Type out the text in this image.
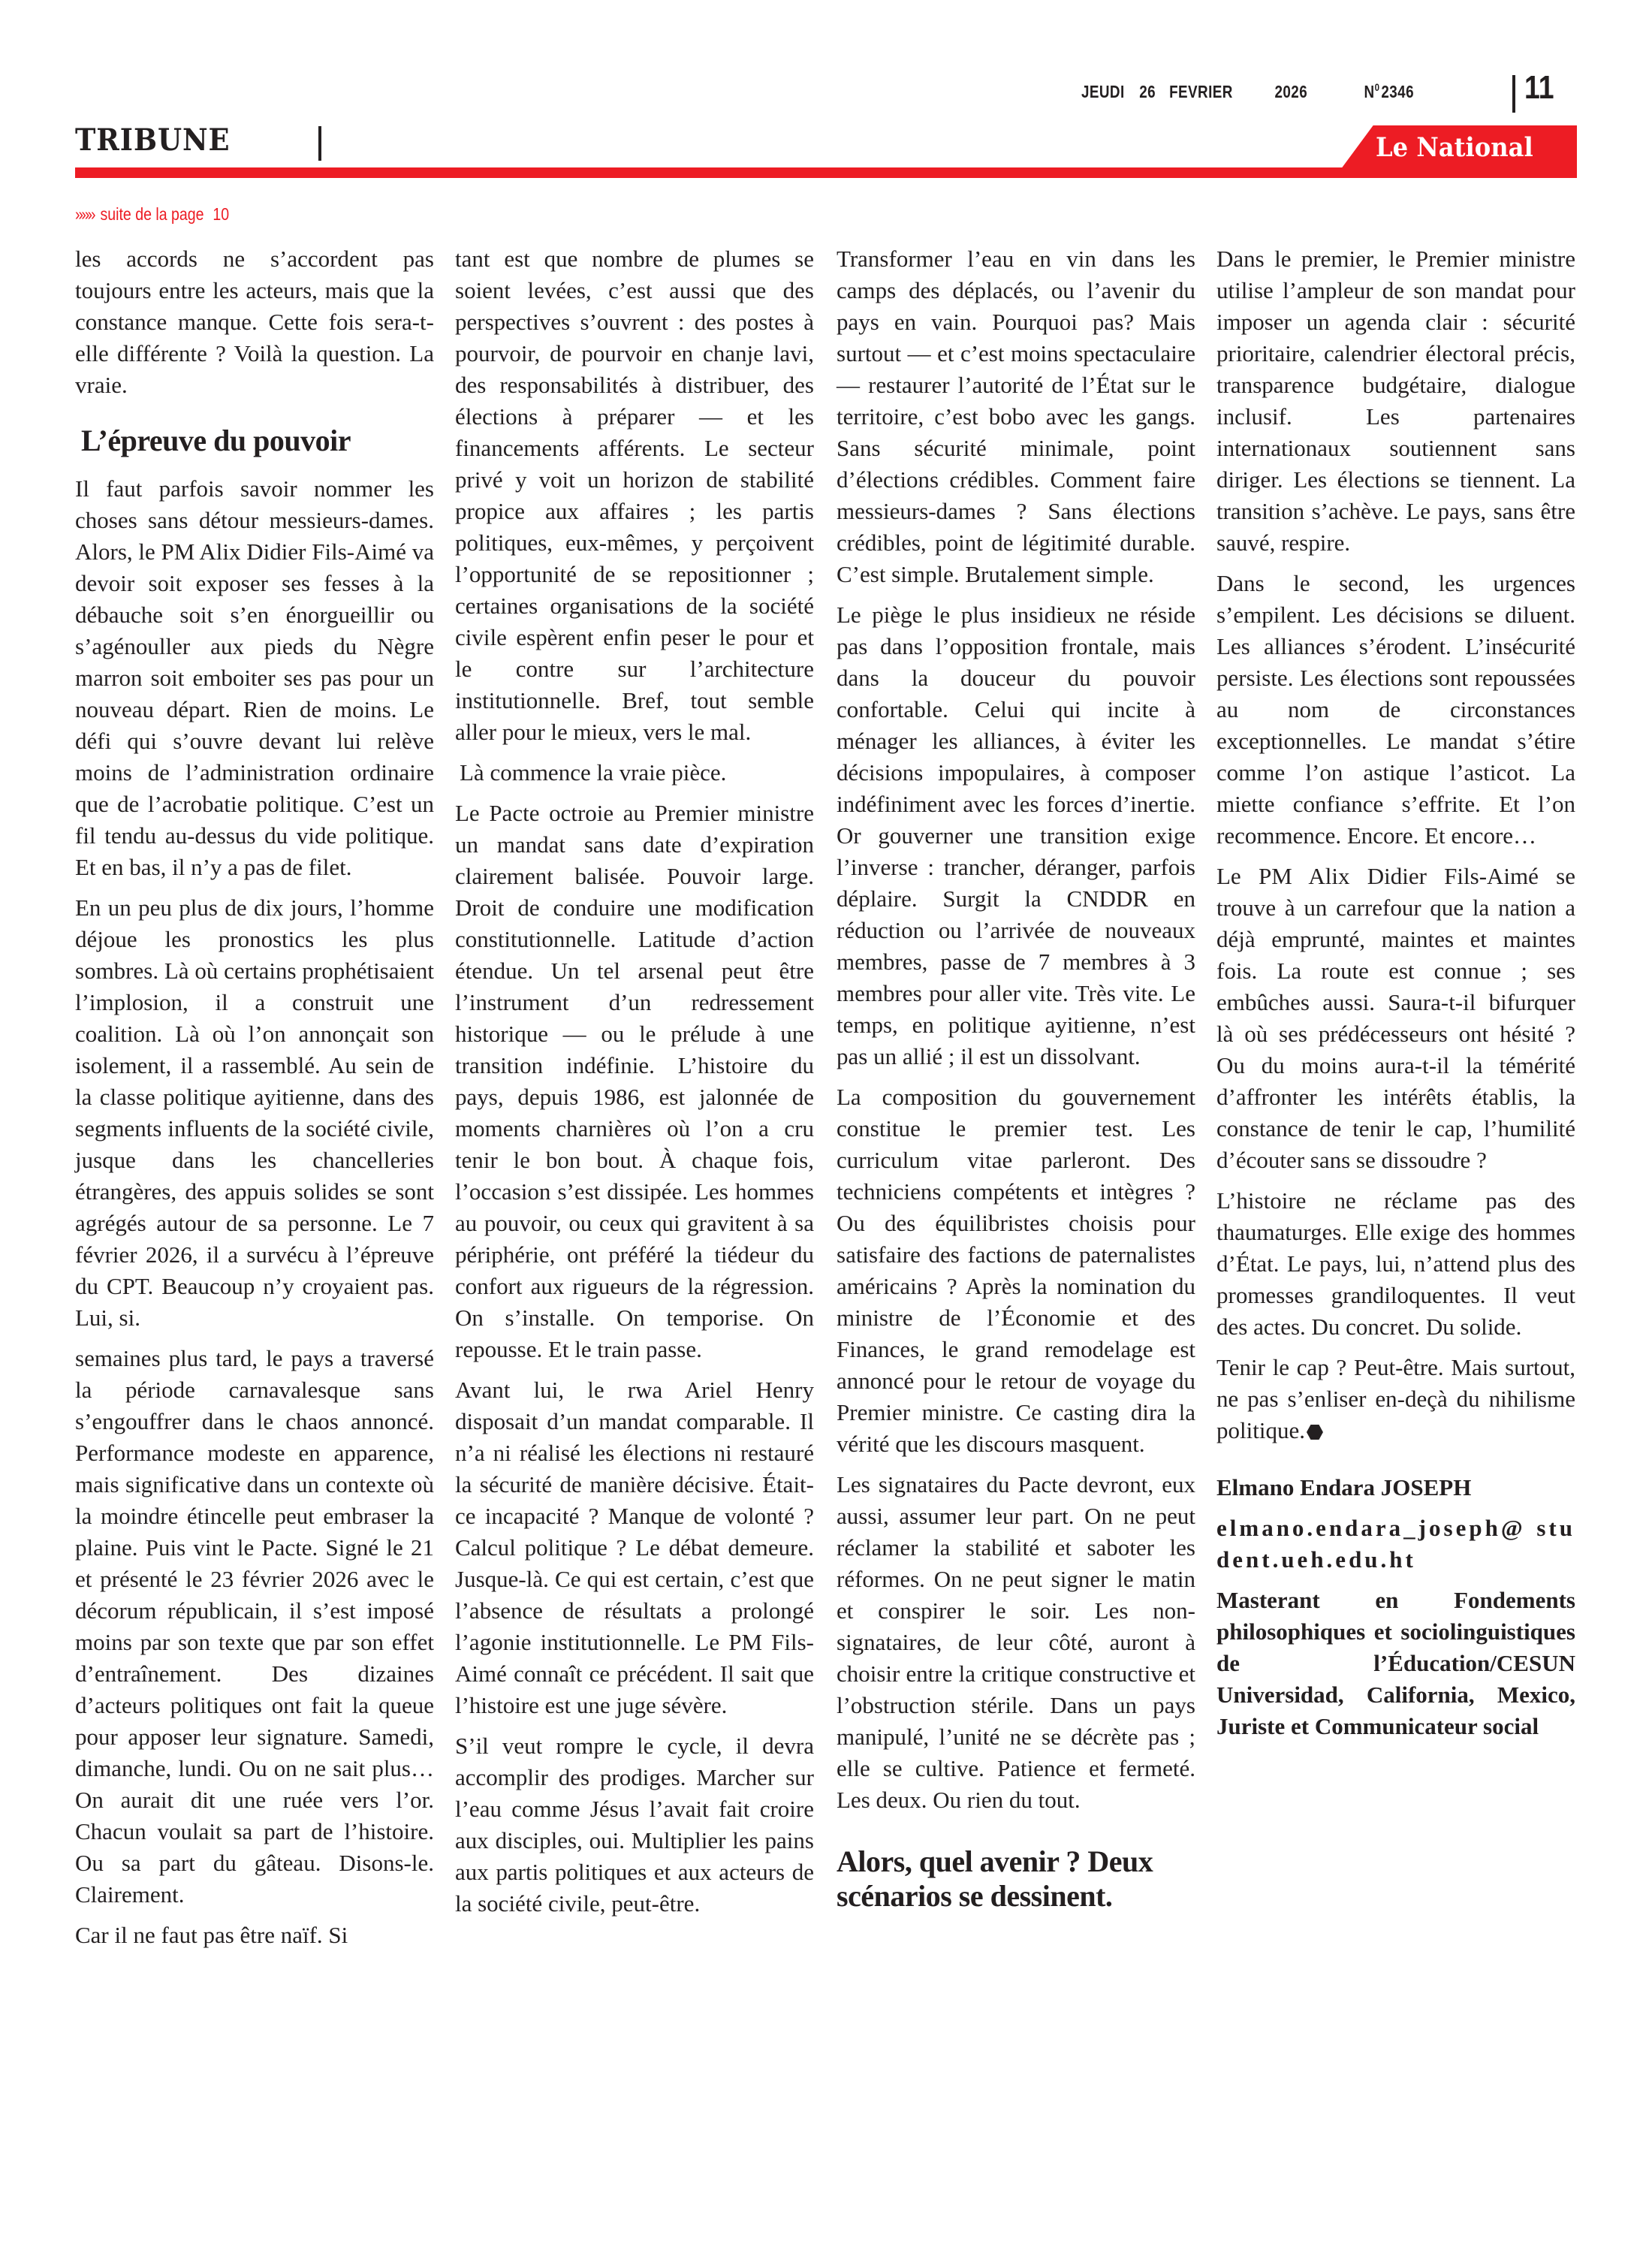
JEUDI 26 FEVRIER 2026	$N^0$ 2346	11
TRIBUNE	Le National
»»» suite de la page 10

les accords ne s’accordent pas toujours entre les acteurs, mais que la constance manque. Cette fois sera-t-elle différente ? Voilà la question. La vraie.

L’épreuve du pouvoir

Il faut parfois savoir nommer les choses sans détour messieurs-dames. Alors, le PM Alix Didier Fils-Aimé va devoir soit exposer ses fesses à la débauche soit s’en énorgueillir ou s’agénouller aux pieds du Nègre marron soit emboiter ses pas pour un nouveau départ. Rien de moins. Le défi qui s’ouvre devant lui relève moins de l’administration ordinaire que de l’acrobatie politique. C’est un fil tendu au-dessus du vide politique. Et en bas, il n’y a pas de filet.

En un peu plus de dix jours, l’homme déjoue les pronostics les plus sombres. Là où certains prophétisaient l’implosion, il a construit une coalition. Là où l’on annonçait son isolement, il a rassemblé. Au sein de la classe politique ayitienne, dans des segments influents de la société civile, jusque dans les chancelleries étrangères, des appuis solides se sont agrégés autour de sa personne. Le 7 février 2026, il a survécu à l’épreuve du CPT. Beaucoup n’y croyaient pas. Lui, si.

semaines plus tard, le pays a traversé la période carnavalesque sans s’engouffrer dans le chaos annoncé. Performance modeste en apparence, mais significative dans un contexte où la moindre étincelle peut embraser la plaine. Puis vint le Pacte. Signé le 21 et présenté le 23 février 2026 avec le décorum républicain, il s’est imposé moins par son texte que par son effet d’entraînement. Des dizaines d’acteurs politiques ont fait la queue pour apposer leur signature. Samedi, dimanche, lundi. Ou on ne sait plus… On aurait dit une ruée vers l’or. Chacun voulait sa part de l’histoire. Ou sa part du gâteau. Disons-le. Clairement.

Car il ne faut pas être naïf. Si

tant est que nombre de plumes se soient levées, c’est aussi que des perspectives s’ouvrent : des postes à pourvoir, de pourvoir en chanje lavi, des responsabilités à distribuer, des élections à préparer — et les financements afférents. Le secteur privé y voit un horizon de stabilité propice aux affaires ; les partis politiques, eux-mêmes, y perçoivent l’opportunité de se repositionner ; certaines organisations de la société civile espèrent enfin peser le pour et le contre sur l’architecture institutionnelle. Bref, tout semble aller pour le mieux, vers le mal.

Là commence la vraie pièce.

Le Pacte octroie au Premier ministre un mandat sans date d’expiration clairement balisée. Pouvoir large. Droit de conduire une modification constitutionnelle. Latitude d’action étendue. Un tel arsenal peut être l’instrument d’un redressement historique — ou le prélude à une transition indéfinie. L’histoire du pays, depuis 1986, est jalonnée de moments charnières où l’on a cru tenir le bon bout. À chaque fois, l’occasion s’est dissipée. Les hommes au pouvoir, ou ceux qui gravitent à sa périphérie, ont préféré la tiédeur du confort aux rigueurs de la régression. On s’installe. On temporise. On repousse. Et le train passe.

Avant lui, le rwa Ariel Henry disposait d’un mandat comparable. Il n’a ni réalisé les élections ni restauré la sécurité de manière décisive. Était-ce incapacité ? Manque de volonté ? Calcul politique ? Le débat demeure. Jusque-là. Ce qui est certain, c’est que l’absence de résultats a prolongé l’agonie institutionnelle. Le PM Fils-Aimé connaît ce précédent. Il sait que l’histoire est une juge sévère.

S’il veut rompre le cycle, il devra accomplir des prodiges. Marcher sur l’eau comme Jésus l’avait fait croire aux disciples, oui. Multiplier les pains aux partis politiques et aux acteurs de la société civile, peut-être.

Transformer l’eau en vin dans les camps des déplacés, ou l’avenir du pays en vain. Pourquoi pas? Mais surtout — et c’est moins spectaculaire — restaurer l’autorité de l’État sur le territoire, c’est bobo avec les gangs. Sans sécurité minimale, point d’élections crédibles. Comment faire messieurs-dames ? Sans élections crédibles, point de légitimité durable. C’est simple. Brutalement simple.

Le piège le plus insidieux ne réside pas dans l’opposition frontale, mais dans la douceur du pouvoir confortable. Celui qui incite à ménager les alliances, à éviter les décisions impopulaires, à composer indéfiniment avec les forces d’inertie. Or gouverner une transition exige l’inverse : trancher, déranger, parfois déplaire. Surgit la CNDDR en réduction ou l’arrivée de nouveaux membres, passe de 7 membres à 3 membres pour aller vite. Très vite. Le temps, en politique ayitienne, n’est pas un allié ; il est un dissolvant.

La composition du gouvernement constitue le premier test. Les curriculum vitae parleront. Des techniciens compétents et intègres ? Ou des équilibristes choisis pour satisfaire des factions de paternalistes américains ? Après la nomination du ministre de l’Économie et des Finances, le grand remodelage est annoncé pour le retour de voyage du Premier ministre. Ce casting dira la vérité que les discours masquent.

Les signataires du Pacte devront, eux aussi, assumer leur part. On ne peut réclamer la stabilité et saboter les réformes. On ne peut signer le matin et conspirer le soir. Les non-signataires, de leur côté, auront à choisir entre la critique constructive et l’obstruction stérile. Dans un pays manipulé, l’unité ne se décrète pas ; elle se cultive. Patience et fermeté. Les deux. Ou rien du tout.

Alors, quel avenir ? Deux scénarios se dessinent.

Dans le premier, le Premier ministre utilise l’ampleur de son mandat pour imposer un agenda clair : sécurité prioritaire, calendrier électoral précis, transparence budgétaire, dialogue inclusif. Les partenaires internationaux soutiennent sans diriger. Les élections se tiennent. La transition s’achève. Le pays, sans être sauvé, respire.

Dans le second, les urgences s’empilent. Les décisions se diluent. Les alliances s’érodent. L’insécurité persiste. Les élections sont repoussées au nom de circonstances exceptionnelles. Le mandat s’étire comme l’on astique l’asticot. La miette confiance s’effrite. Et l’on recommence. Encore. Et encore…

Le PM Alix Didier Fils-Aimé se trouve à un carrefour que la nation a déjà emprunté, maintes et maintes fois. La route est connue ; ses embûches aussi. Saura-t-il bifurquer là où ses prédécesseurs ont hésité ? Ou du moins aura-t-il la témérité d’affronter les intérêts établis, la constance de tenir le cap, l’humilité d’écouter sans se dissoudre ?

L’histoire ne réclame pas des thaumaturges. Elle exige des hommes d’État. Le pays, lui, n’attend plus des promesses grandiloquentes. Il veut des actes. Du concret. Du solide.

Tenir le cap ? Peut-être. Mais surtout, ne pas s’enliser en-deçà du nihilisme politique.

Elmano Endara JOSEPH

elmano.endara_joseph@ student.ueh.edu.ht

Masterant en Fondements philosophiques et sociolinguistiques de l’Éducation/CESUN Universidad, California, Mexico, Juriste et Communicateur social
